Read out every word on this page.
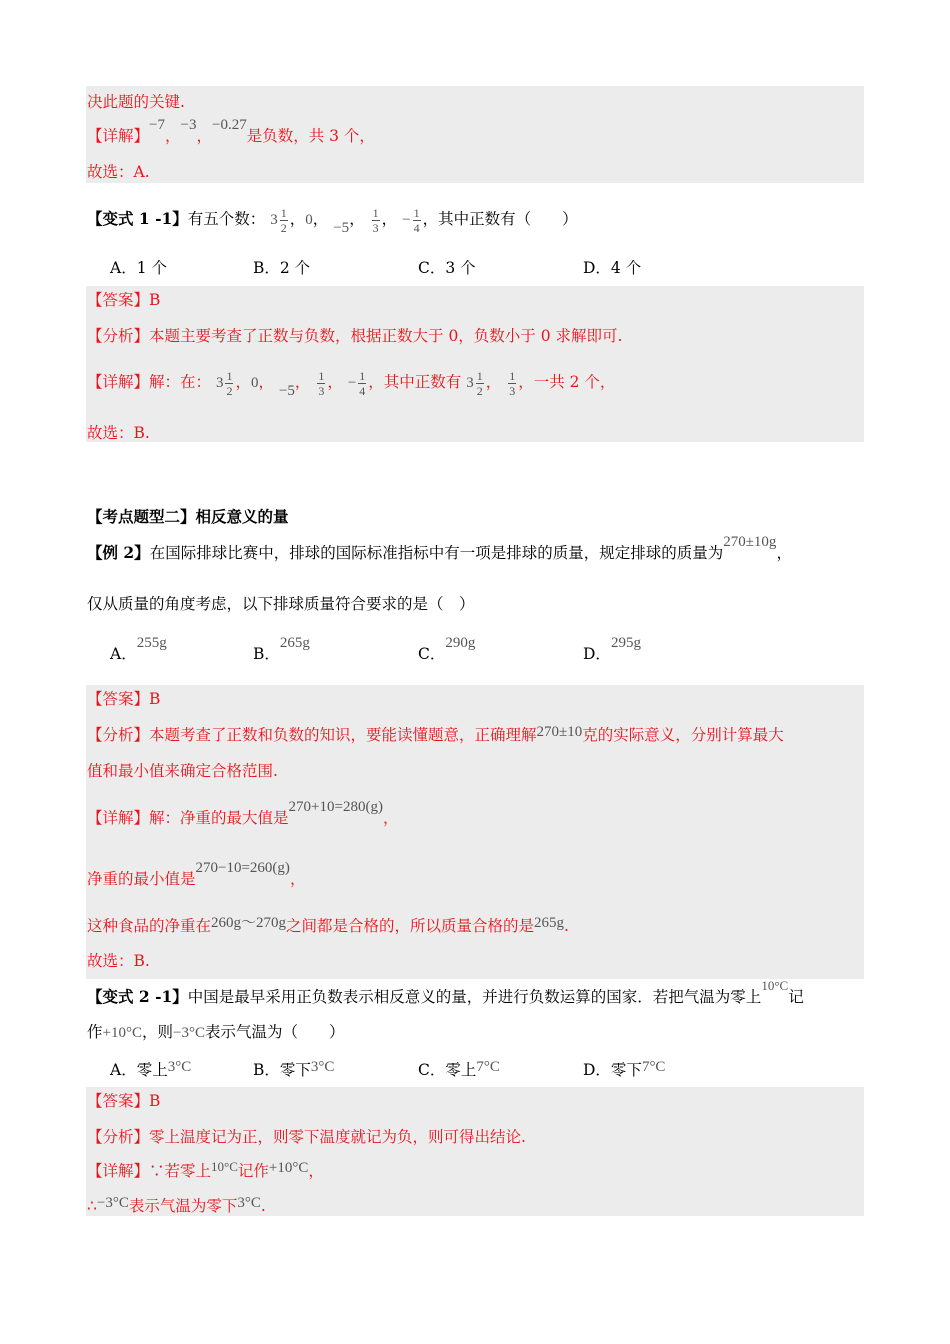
决此题的关键.
【详解】−7，−3，−0.27是负数，共 3 个，
故选：A.
【变式 1 -1】有五个数： $3 \frac{1}{2}$ ，0， −5， $\frac{1}{3}$ ， − $\frac{1}{4}$ ，其中正数有（　　）
A．1 个	B．2 个	C．3 个	D．4 个
【答案】B
【分析】本题主要考查了正数与负数，根据正数大于 0，负数小于 0 求解即可.
【详解】解：在： $3 \frac{1}{2}$ ，0， −5， $\frac{1}{3}$ ， − $\frac{1}{4}$ ，其中正数有 $3 \frac{1}{2}$ ， $\frac{1}{3}$ ，一共 2 个，
故选：B.
【考点题型二】相反意义的量
【例 2】在国际排球比赛中，排球的国际标准指标中有一项是排球的质量，规定排球的质量为270±10g，
仅从质量的角度考虑，以下排球质量符合要求的是（　）
A．255g
B．265g
C．290g
D．295g
【答案】B
【分析】本题考查了正数和负数的知识，要能读懂题意，正确理解270±10克的实际意义，分别计算最大
值和最小值来确定合格范围.
【详解】解：净重的最大值是270+10=280(g)，
净重的最小值是270−10=260(g)，
这种食品的净重在260g～270g之间都是合格的，所以质量合格的是265g.
故选：B.
【变式 2 -1】中国是最早采用正负数表示相反意义的量，并进行负数运算的国家．若把气温为零上$^{10^\circ C}$记
作+10°C，则−3°C表示气温为（　　）
A．零上3°C	B．零下3°C	C．零上7°C	D．零下7°C
【答案】B
【分析】零上温度记为正，则零下温度就记为负，则可得出结论.
【详解】∵若零上$^{10^\circ C}$记作+10°C，
∴−3°C表示气温为零下3°C.
